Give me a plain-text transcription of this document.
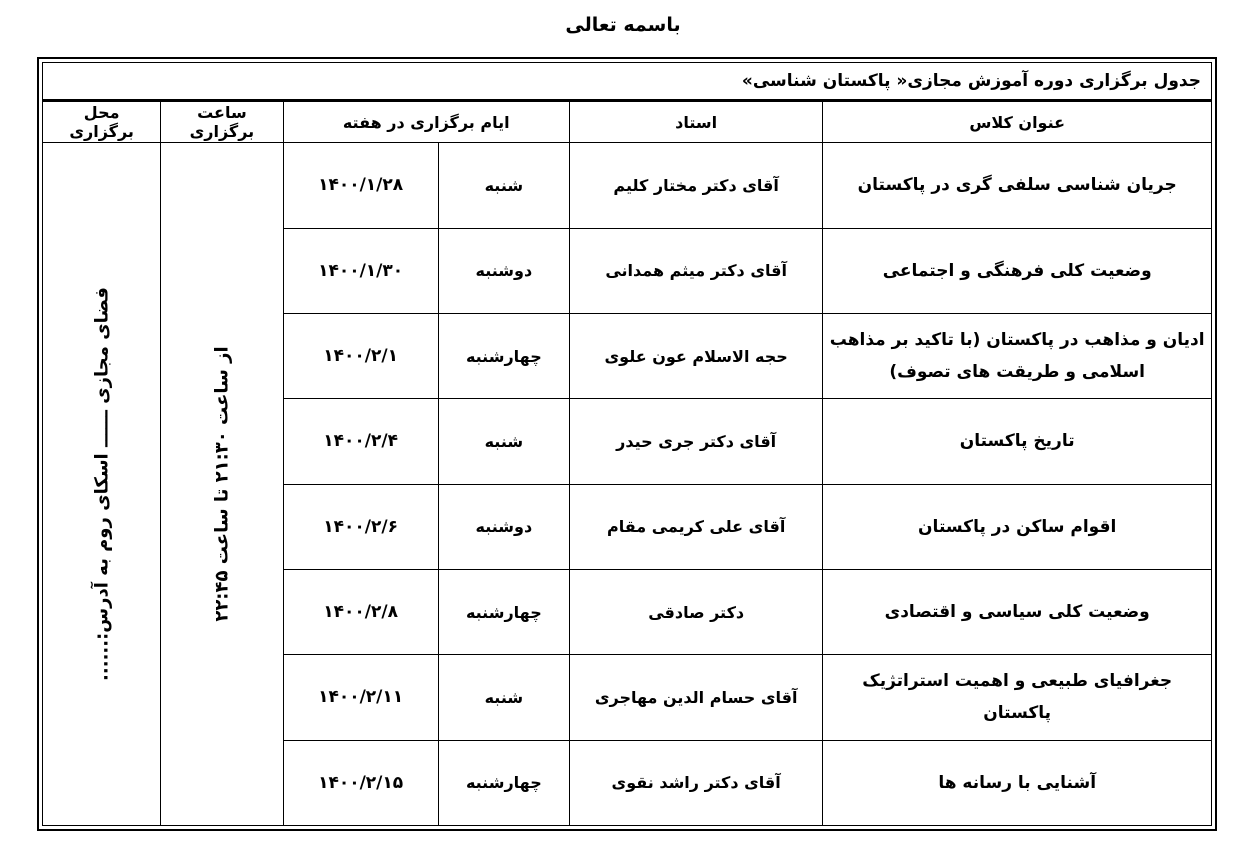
باسمه تعالی
جدول برگزاری دوره آموزش مجازی« پاکستان شناسی»					
عنوان کلاس	استاد	ایام برگزاری در هفته		ساعت برگزاری	محل برگزاری
جریان شناسی سلفی گری در پاکستان	آقای دکتر مختار کلیم	شنبه	۱۴۰۰/۱/۲۸	از ساعت ۲۱:۳۰ تا ساعت ۲۲:۴۵	فضای مجازی ــــــ اسکای روم به آدرس:......

وضعیت کلی فرهنگی و اجتماعی	آقای دکتر میثم همدانی	دوشنبه	۱۴۰۰/۱/۳۰		
ادیان و مذاهب در پاکستان (با تاکید بر مذاهب اسلامی و طریقت های تصوف)	حجه الاسلام عون علوی	چهارشنبه	۱۴۰۰/۲/۱		
تاریخ پاکستان	آقای دکتر جری حیدر	شنبه	۱۴۰۰/۲/۴		
اقوام ساکن در پاکستان	آقای علی کریمی مقام	دوشنبه	۱۴۰۰/۲/۶		
وضعیت کلی سیاسی و اقتصادی	دکتر صادقی	چهارشنبه	۱۴۰۰/۲/۸		
جغرافیای طبیعی و اهمیت استراتژیک پاکستان	آقای حسام الدین مهاجری	شنبه	۱۴۰۰/۲/۱۱		
آشنایی با رسانه ها	آقای دکتر راشد نقوی	چهارشنبه	۱۴۰۰/۲/۱۵		
